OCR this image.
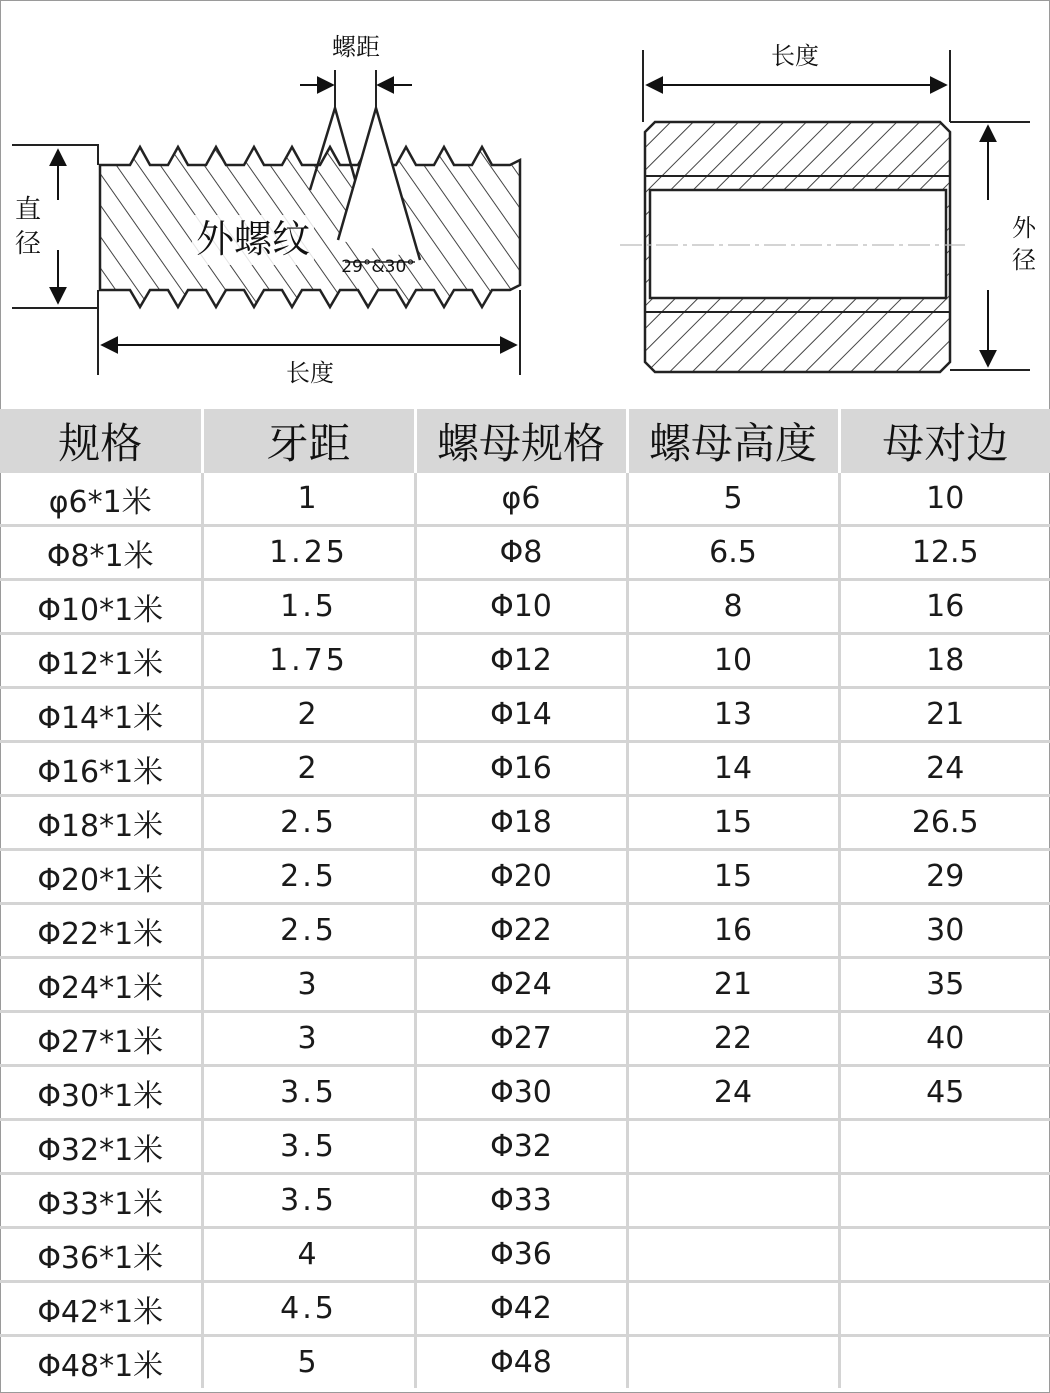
螺距
直
径	外螺纹
29°&30°
长度
长度
外
径
规格	牙距	螺母规格	螺母高度	母对边
φ6*1米	1	φ6	5	10
Φ8*1米	1.25	Φ8	6.5	12.5
Φ10*1米	1.5	Φ10	8	16
Φ12*1米	1.75	Φ12	10	18
Φ14*1米	2	Φ14	13	21
Φ16*1米	2	Φ16	14	24
Φ18*1米	2.5	Φ18	15	26.5
Φ20*1米	2.5	Φ20	15	29
Φ22*1米	2.5	Φ22	16	30
Φ24*1米	3	Φ24	21	35
Φ27*1米	3	Φ27	22	40
Φ30*1米	3.5	Φ30	24	45
Φ32*1米	3.5	Φ32		
Φ33*1米	3.5	Φ33		
Φ36*1米	4	Φ36		
Φ42*1米	4.5	Φ42		
Φ48*1米	5	Φ48		
